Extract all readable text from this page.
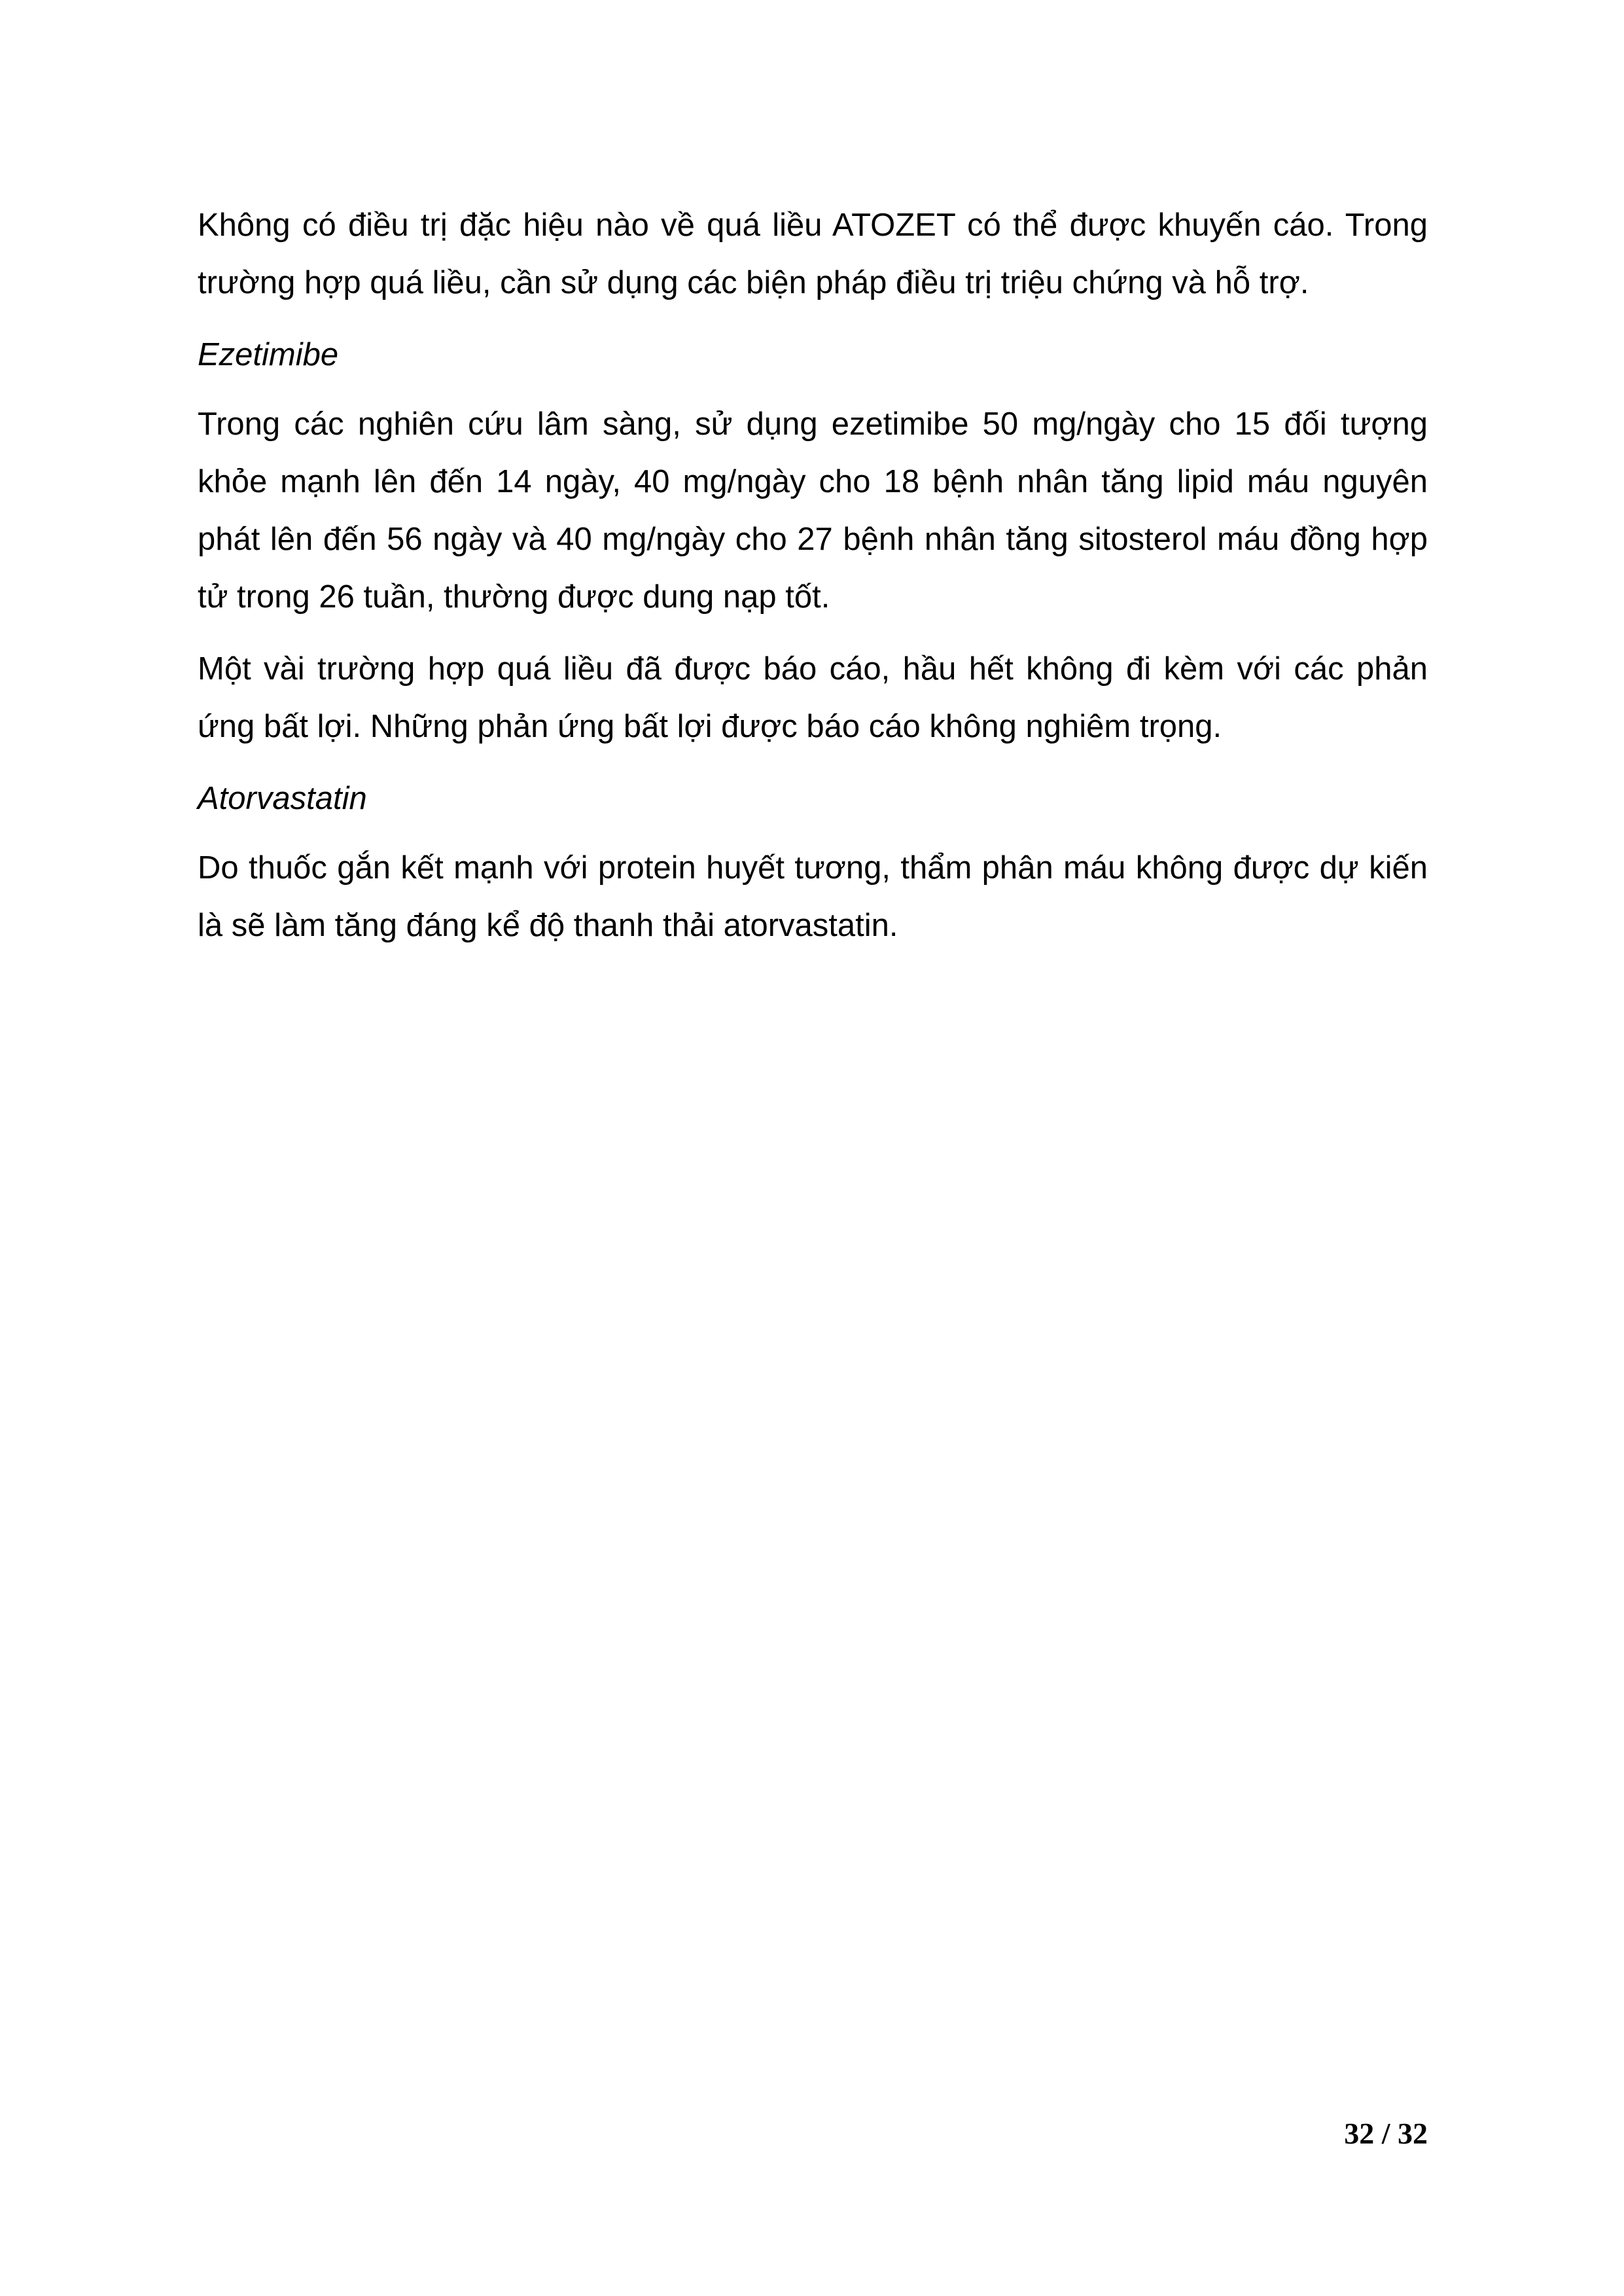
Không có điều trị đặc hiệu nào về quá liều ATOZET có thể được khuyến cáo. Trong trường hợp quá liều, cần sử dụng các biện pháp điều trị triệu chứng và hỗ trợ.

Ezetimibe

Trong các nghiên cứu lâm sàng, sử dụng ezetimibe 50 mg/ngày cho 15 đối tượng khỏe mạnh lên đến 14 ngày, 40 mg/ngày cho 18 bệnh nhân tăng lipid máu nguyên phát lên đến 56 ngày và 40 mg/ngày cho 27 bệnh nhân tăng sitosterol máu đồng hợp tử trong 26 tuần, thường được dung nạp tốt.

Một vài trường hợp quá liều đã được báo cáo, hầu hết không đi kèm với các phản ứng bất lợi. Những phản ứng bất lợi được báo cáo không nghiêm trọng.

Atorvastatin

Do thuốc gắn kết mạnh với protein huyết tương, thẩm phân máu không được dự kiến là sẽ làm tăng đáng kể độ thanh thải atorvastatin.

32 / 32
